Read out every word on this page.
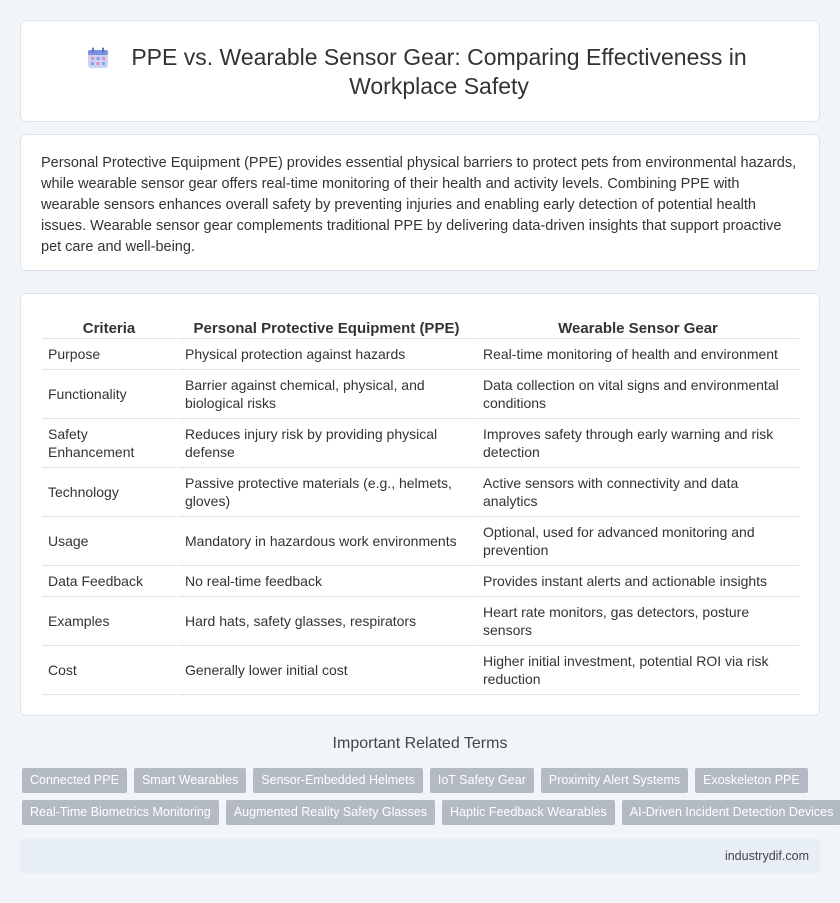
PPE vs. Wearable Sensor Gear: Comparing Effectiveness in Workplace Safety

Personal Protective Equipment (PPE) provides essential physical barriers to protect pets from environmental hazards, while wearable sensor gear offers real-time monitoring of their health and activity levels. Combining PPE with wearable sensors enhances overall safety by preventing injuries and enabling early detection of potential health issues. Wearable sensor gear complements traditional PPE by delivering data-driven insights that support proactive pet care and well-being.

Criteria	Personal Protective Equipment (PPE)	Wearable Sensor Gear
Purpose	Physical protection against hazards	Real-time monitoring of health and environment
Functionality	Barrier against chemical, physical, and biological risks	Data collection on vital signs and environmental conditions
Safety Enhancement	Reduces injury risk by providing physical defense	Improves safety through early warning and risk detection
Technology	Passive protective materials (e.g., helmets, gloves)	Active sensors with connectivity and data analytics
Usage	Mandatory in hazardous work environments	Optional, used for advanced monitoring and prevention
Data Feedback	No real-time feedback	Provides instant alerts and actionable insights
Examples	Hard hats, safety glasses, respirators	Heart rate monitors, gas detectors, posture sensors
Cost	Generally lower initial cost	Higher initial investment, potential ROI via risk reduction
Important Related Terms
Connected PPE	Smart Wearables	Sensor-Embedded Helmets	IoT Safety Gear	Proximity Alert Systems	Exoskeleton PPE
Real-Time Biometrics Monitoring	Augmented Reality Safety Glasses	Haptic Feedback Wearables	AI-Driven Incident Detection Devices
industrydif.com
